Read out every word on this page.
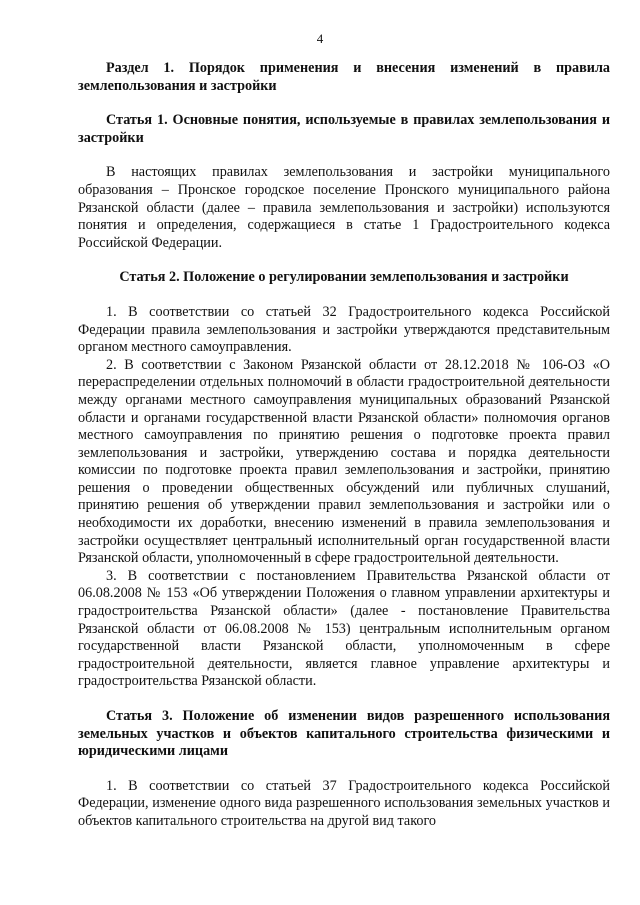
4

Раздел 1. Порядок применения и внесения изменений в правила землепользования и застройки

Статья 1. Основные понятия, используемые в правилах землепользования и застройки

В настоящих правилах землепользования и застройки муниципального образования – Пронское городское поселение Пронского муниципального района Рязанской области (далее – правила землепользования и застройки) используются понятия и определения, содержащиеся в статье 1 Градостроительного кодекса Российской Федерации.

Статья 2. Положение о регулировании землепользования и застройки

1. В соответствии со статьей 32 Градостроительного кодекса Российской Федерации правила землепользования и застройки утверждаются представительным органом местного самоуправления.

2. В соответствии с Законом Рязанской области от 28.12.2018 № 106-ОЗ «О перераспределении отдельных полномочий в области градостроительной деятельности между органами местного самоуправления муниципальных образований Рязанской области и органами государственной власти Рязанской области» полномочия органов местного самоуправления по принятию решения о подготовке проекта правил землепользования и застройки, утверждению состава и порядка деятельности комиссии по подготовке проекта правил землепользования и застройки, принятию решения о проведении общественных обсуждений или публичных слушаний, принятию решения об утверждении правил землепользования и застройки или о необходимости их доработки, внесению изменений в правила землепользования и застройки осуществляет центральный исполнительный орган государственной власти Рязанской области, уполномоченный в сфере градостроительной деятельности.

3. В соответствии с постановлением Правительства Рязанской области от 06.08.2008 № 153 «Об утверждении Положения о главном управлении архитектуры и градостроительства Рязанской области» (далее - постановление Правительства Рязанской области от 06.08.2008 № 153) центральным исполнительным органом государственной власти Рязанской области, уполномоченным в сфере градостроительной деятельности, является главное управление архитектуры и градостроительства Рязанской области.

Статья 3. Положение об изменении видов разрешенного использования земельных участков и объектов капитального строительства физическими и юридическими лицами

1. В соответствии со статьей 37 Градостроительного кодекса Российской Федерации, изменение одного вида разрешенного использования земельных участков и объектов капитального строительства на другой вид такого
